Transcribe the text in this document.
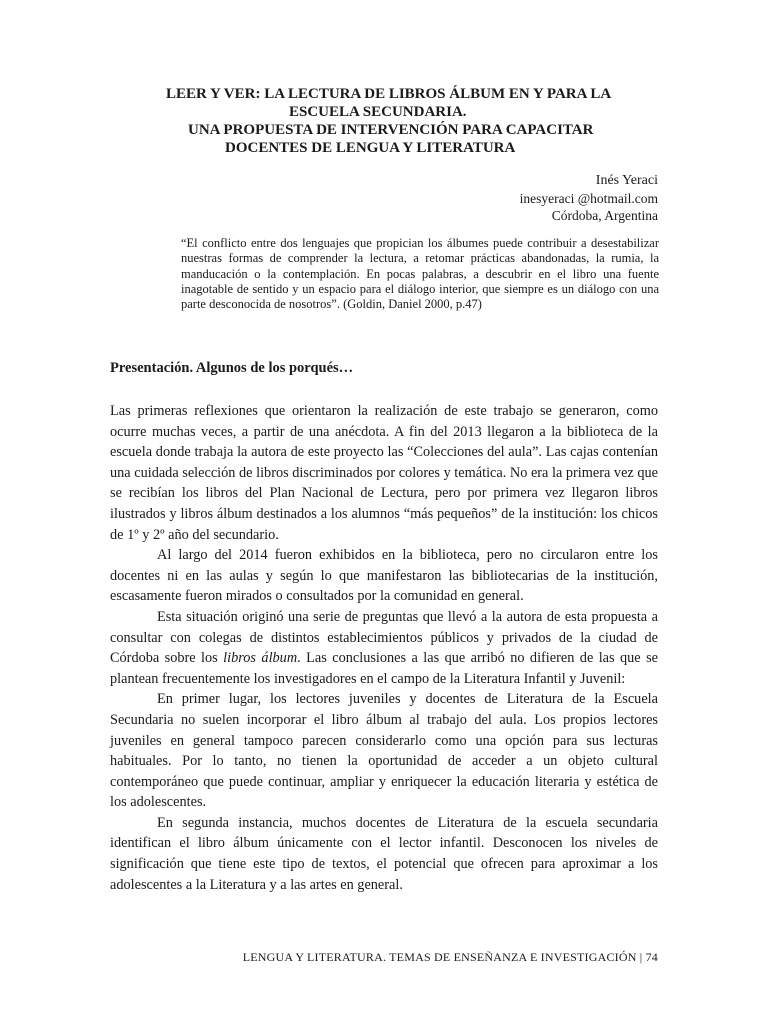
LEER Y VER: LA LECTURA DE LIBROS ÁLBUM EN Y PARA LA
ESCUELA SECUNDARIA.
UNA PROPUESTA DE INTERVENCIÓN PARA CAPACITAR
DOCENTES DE LENGUA Y LITERATURA
Inés Yeraci
inesyeraci @hotmail.com
Córdoba, Argentina
“El conflicto entre dos lenguajes que propician los álbumes puede contribuir a desestabilizar nuestras formas de comprender la lectura, a retomar prácticas abandonadas, la rumia, la manducación o la contemplación. En pocas palabras, a descubrir en el libro una fuente inagotable de sentido y un espacio para el diálogo interior, que siempre es un diálogo con una parte desconocida de nosotros”. (Goldin, Daniel 2000, p.47)
Presentación. Algunos de los porqués…

Las primeras reflexiones que orientaron la realización de este trabajo se generaron, como ocurre muchas veces, a partir de una anécdota. A fin del 2013 llegaron a la biblioteca de la escuela donde trabaja la autora de este proyecto las “Colecciones del aula”. Las cajas contenían una cuidada selección de libros discriminados por colores y temática. No era la primera vez que se recibían los libros del Plan Nacional de Lectura, pero por primera vez llegaron libros ilustrados y libros álbum destinados a los alumnos “más pequeños” de la institución: los chicos de 1º y 2º año del secundario.

Al largo del 2014 fueron exhibidos en la biblioteca, pero no circularon entre los docentes ni en las aulas y según lo que manifestaron las bibliotecarias de la institución, escasamente fueron mirados o consultados por la comunidad en general.

Esta situación originó una serie de preguntas que llevó a la autora de esta propuesta a consultar con colegas de distintos establecimientos públicos y privados de la ciudad de Córdoba sobre los libros álbum. Las conclusiones a las que arribó no difieren de las que se plantean frecuentemente los investigadores en el campo de la Literatura Infantil y Juvenil:

En primer lugar, los lectores juveniles y docentes de Literatura de la Escuela Secundaria no suelen incorporar el libro álbum al trabajo del aula. Los propios lectores juveniles en general tampoco parecen considerarlo como una opción para sus lecturas habituales. Por lo tanto, no tienen la oportunidad de acceder a un objeto cultural contemporáneo que puede continuar, ampliar y enriquecer la educación literaria y estética de los adolescentes.

En segunda instancia, muchos docentes de Literatura de la escuela secundaria identifican el libro álbum únicamente con el lector infantil. Desconocen los niveles de significación que tiene este tipo de textos, el potencial que ofrecen para aproximar a los adolescentes a la Literatura y a las artes en general.

LENGUA Y LITERATURA. TEMAS DE ENSEÑANZA E INVESTIGACIÓN | 74
